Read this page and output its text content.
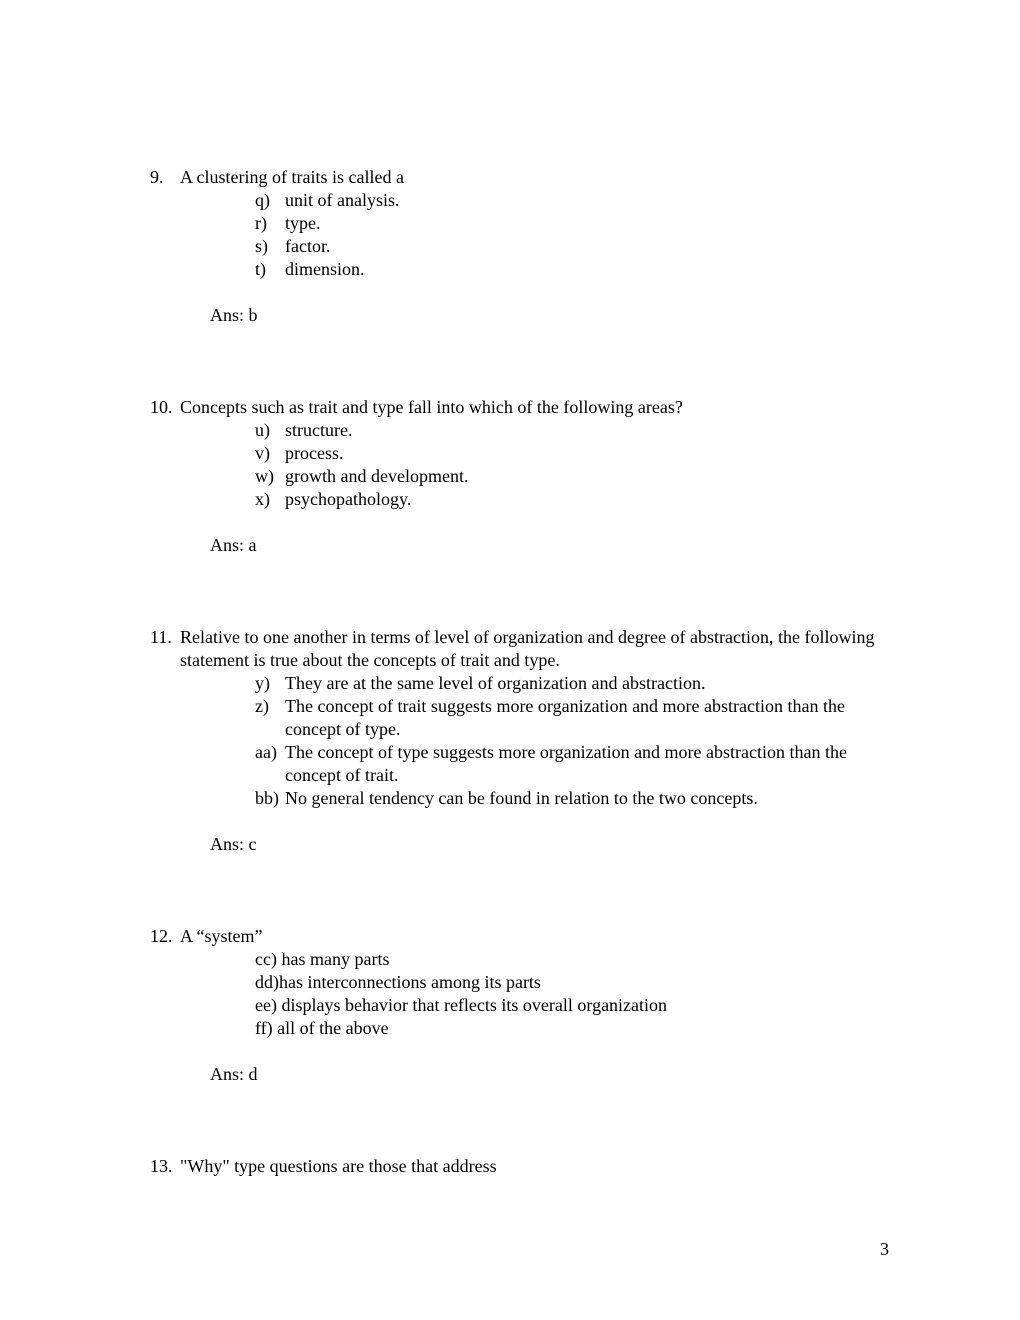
9. A clustering of traits is called a
q) unit of analysis.
r) type.
s) factor.
t) dimension.
Ans: b
10. Concepts such as trait and type fall into which of the following areas?
u) structure.
v) process.
w) growth and development.
x) psychopathology.
Ans: a
11. Relative to one another in terms of level of organization and degree of abstraction, the following statement is true about the concepts of trait and type.
y) They are at the same level of organization and abstraction.
z) The concept of trait suggests more organization and more abstraction than the concept of type.
aa) The concept of type suggests more organization and more abstraction than the concept of trait.
bb) No general tendency can be found in relation to the two concepts.
Ans: c
12. A “system”
cc) has many parts
dd)has interconnections among its parts
ee) displays behavior that reflects its overall organization
ff) all of the above
Ans: d
13. "Why" type questions are those that address
3
